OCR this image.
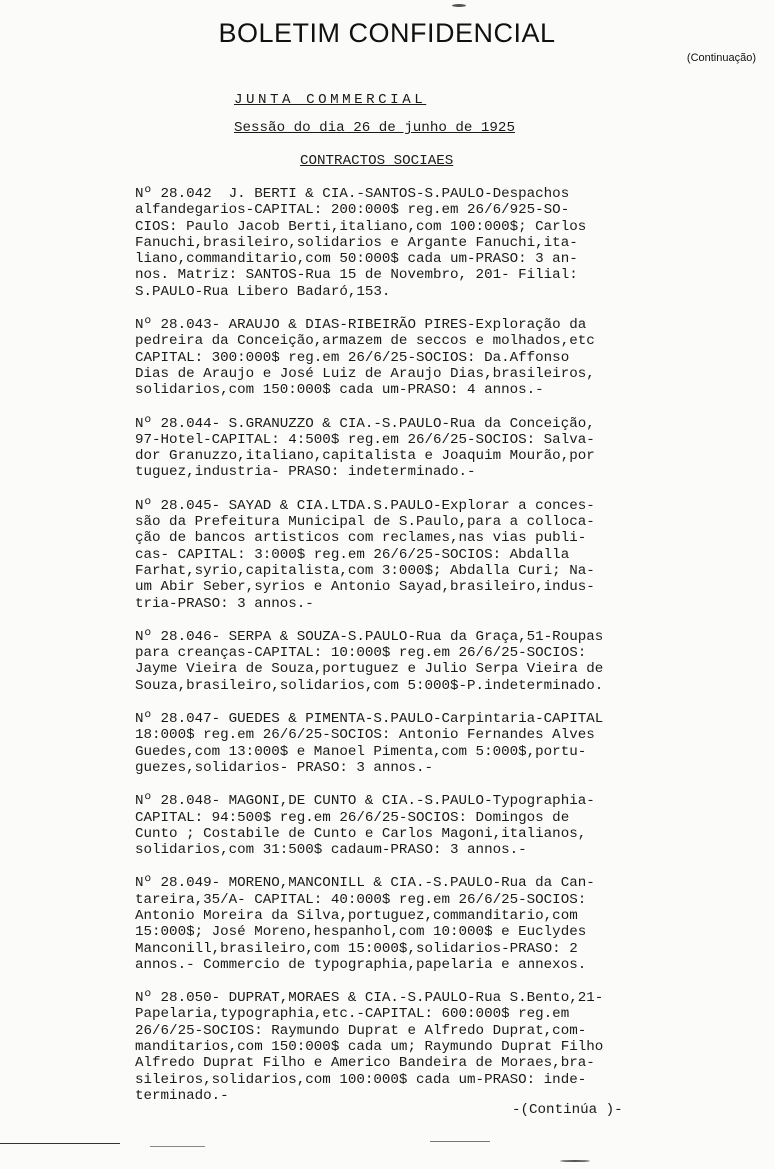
BOLETIM CONFIDENCIAL
(Continuação)
JUNTA COMMERCIAL
Sessão do dia 26 de junho de 1925
CONTRACTOS SOCIAES
Nº 28.042  J. BERTI & CIA.-SANTOS-S.PAULO-Despachos
alfandegarios-CAPITAL: 200:000$ reg.em 26/6/925-SO-
CIOS: Paulo Jacob Berti,italiano,com 100:000$; Carlos
Fanuchi,brasileiro,solidarios e Argante Fanuchi,ita-
liano,commanditario,com 50:000$ cada um-PRASO: 3 an-
nos. Matriz: SANTOS-Rua 15 de Novembro, 201- Filial:
S.PAULO-Rua Libero Badaró,153.
Nº 28.043- ARAUJO & DIAS-RIBEIRÃO PIRES-Exploração da
pedreira da Conceição,armazem de seccos e molhados,etc
CAPITAL: 300:000$ reg.em 26/6/25-SOCIOS: Da.Affonso
Dias de Araujo e José Luiz de Araujo Dias,brasileiros,
solidarios,com 150:000$ cada um-PRASO: 4 annos.-
Nº 28.044- S.GRANUZZO & CIA.-S.PAULO-Rua da Conceição,
97-Hotel-CAPITAL: 4:500$ reg.em 26/6/25-SOCIOS: Salva-
dor Granuzzo,italiano,capitalista e Joaquim Mourão,por
tuguez,industria- PRASO: indeterminado.-
Nº 28.045- SAYAD & CIA.LTDA.S.PAULO-Explorar a conces-
são da Prefeitura Municipal de S.Paulo,para a colloca-
ção de bancos artisticos com reclames,nas vias publi-
cas- CAPITAL: 3:000$ reg.em 26/6/25-SOCIOS: Abdalla
Farhat,syrio,capitalista,com 3:000$; Abdalla Curi; Na-
um Abir Seber,syrios e Antonio Sayad,brasileiro,indus-
tria-PRASO: 3 annos.-
Nº 28.046- SERPA & SOUZA-S.PAULO-Rua da Graça,51-Roupas
para creanças-CAPITAL: 10:000$ reg.em 26/6/25-SOCIOS:
Jayme Vieira de Souza,portuguez e Julio Serpa Vieira de
Souza,brasileiro,solidarios,com 5:000$-P.indeterminado.
Nº 28.047- GUEDES & PIMENTA-S.PAULO-Carpintaria-CAPITAL
18:000$ reg.em 26/6/25-SOCIOS: Antonio Fernandes Alves
Guedes,com 13:000$ e Manoel Pimenta,com 5:000$,portu-
guezes,solidarios- PRASO: 3 annos.-
Nº 28.048- MAGONI,DE CUNTO & CIA.-S.PAULO-Typographia-
CAPITAL: 94:500$ reg.em 26/6/25-SOCIOS: Domingos de
Cunto ; Costabile de Cunto e Carlos Magoni,italianos,
solidarios,com 31:500$ cadaum-PRASO: 3 annos.-
Nº 28.049- MORENO,MANCONILL & CIA.-S.PAULO-Rua da Can-
tareira,35/A- CAPITAL: 40:000$ reg.em 26/6/25-SOCIOS:
Antonio Moreira da Silva,portuguez,commanditario,com
15:000$; José Moreno,hespanhol,com 10:000$ e Euclydes
Manconill,brasileiro,com 15:000$,solidarios-PRASO: 2
annos.- Commercio de typographia,papelaria e annexos.
Nº 28.050- DUPRAT,MORAES & CIA.-S.PAULO-Rua S.Bento,21-
Papelaria,typographia,etc.-CAPITAL: 600:000$ reg.em
26/6/25-SOCIOS: Raymundo Duprat e Alfredo Duprat,com-
manditarios,com 150:000$ cada um; Raymundo Duprat Filho
Alfredo Duprat Filho e Americo Bandeira de Moraes,bra-
sileiros,solidarios,com 100:000$ cada um-PRASO: inde-
terminado.-
-(Continúa )-
